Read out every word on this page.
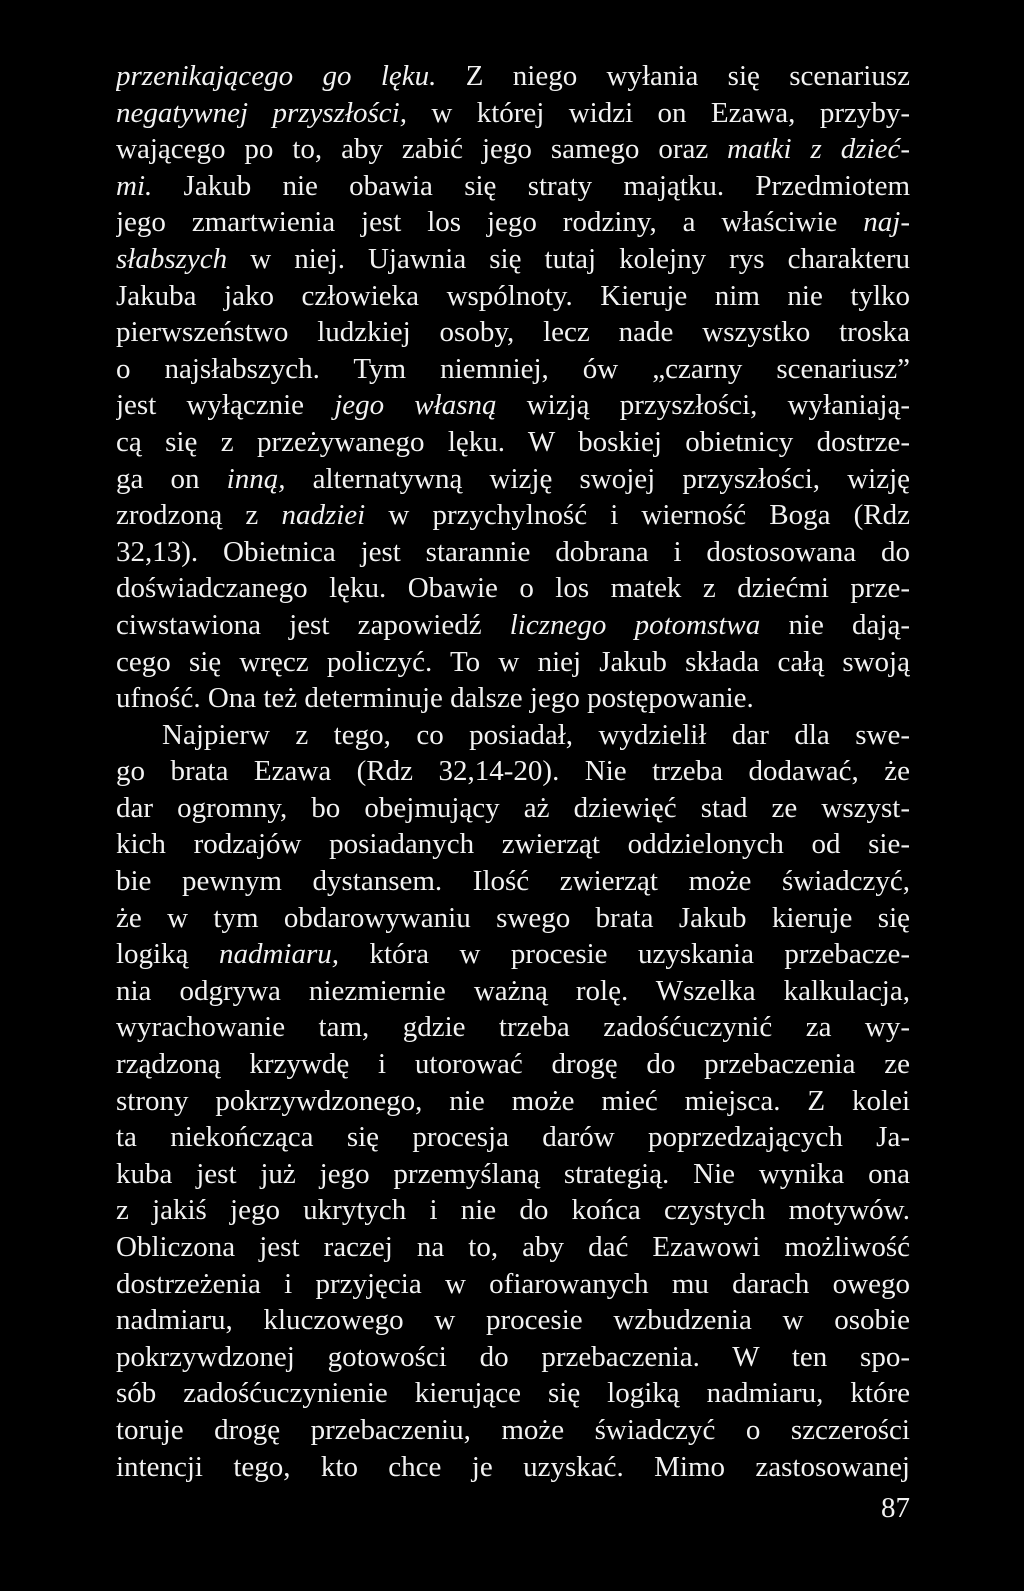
przenikającego go lęku. Z niego wyłania się scenariusz
negatywnej przyszłości, w której widzi on Ezawa, przyby-
wającego po to, aby zabić jego samego oraz matki z dzieć-
mi. Jakub nie obawia się straty majątku. Przedmiotem
jego zmartwienia jest los jego rodziny, a właściwie naj-
słabszych w niej. Ujawnia się tutaj kolejny rys charakteru
Jakuba jako człowieka wspólnoty. Kieruje nim nie tylko
pierwszeństwo ludzkiej osoby, lecz nade wszystko troska
o najsłabszych. Tym niemniej, ów „czarny scenariusz”
jest wyłącznie jego własną wizją przyszłości, wyłaniają-
cą się z przeżywanego lęku. W boskiej obietnicy dostrze-
ga on inną, alternatywną wizję swojej przyszłości, wizję
zrodzoną z nadziei w przychylność i wierność Boga (Rdz
32,13). Obietnica jest starannie dobrana i dostosowana do
doświadczanego lęku. Obawie o los matek z dziećmi prze-
ciwstawiona jest zapowiedź licznego potomstwa nie dają-
cego się wręcz policzyć. To w niej Jakub składa całą swoją
ufność. Ona też determinuje dalsze jego postępowanie.
Najpierw z tego, co posiadał, wydzielił dar dla swe-
go brata Ezawa (Rdz 32,14-20). Nie trzeba dodawać, że
dar ogromny, bo obejmujący aż dziewięć stad ze wszyst-
kich rodzajów posiadanych zwierząt oddzielonych od sie-
bie pewnym dystansem. Ilość zwierząt może świadczyć,
że w tym obdarowywaniu swego brata Jakub kieruje się
logiką nadmiaru, która w procesie uzyskania przebacze-
nia odgrywa niezmiernie ważną rolę. Wszelka kalkulacja,
wyrachowanie tam, gdzie trzeba zadośćuczynić za wy-
rządzoną krzywdę i utorować drogę do przebaczenia ze
strony pokrzywdzonego, nie może mieć miejsca. Z kolei
ta niekończąca się procesja darów poprzedzających Ja-
kuba jest już jego przemyślaną strategią. Nie wynika ona
z jakiś jego ukrytych i nie do końca czystych motywów.
Obliczona jest raczej na to, aby dać Ezawowi możliwość
dostrzeżenia i przyjęcia w ofiarowanych mu darach owego
nadmiaru, kluczowego w procesie wzbudzenia w osobie
pokrzywdzonej gotowości do przebaczenia. W ten spo-
sób zadośćuczynienie kierujące się logiką nadmiaru, które
toruje drogę przebaczeniu, może świadczyć o szczerości
intencji tego, kto chce je uzyskać. Mimo zastosowanej
87
